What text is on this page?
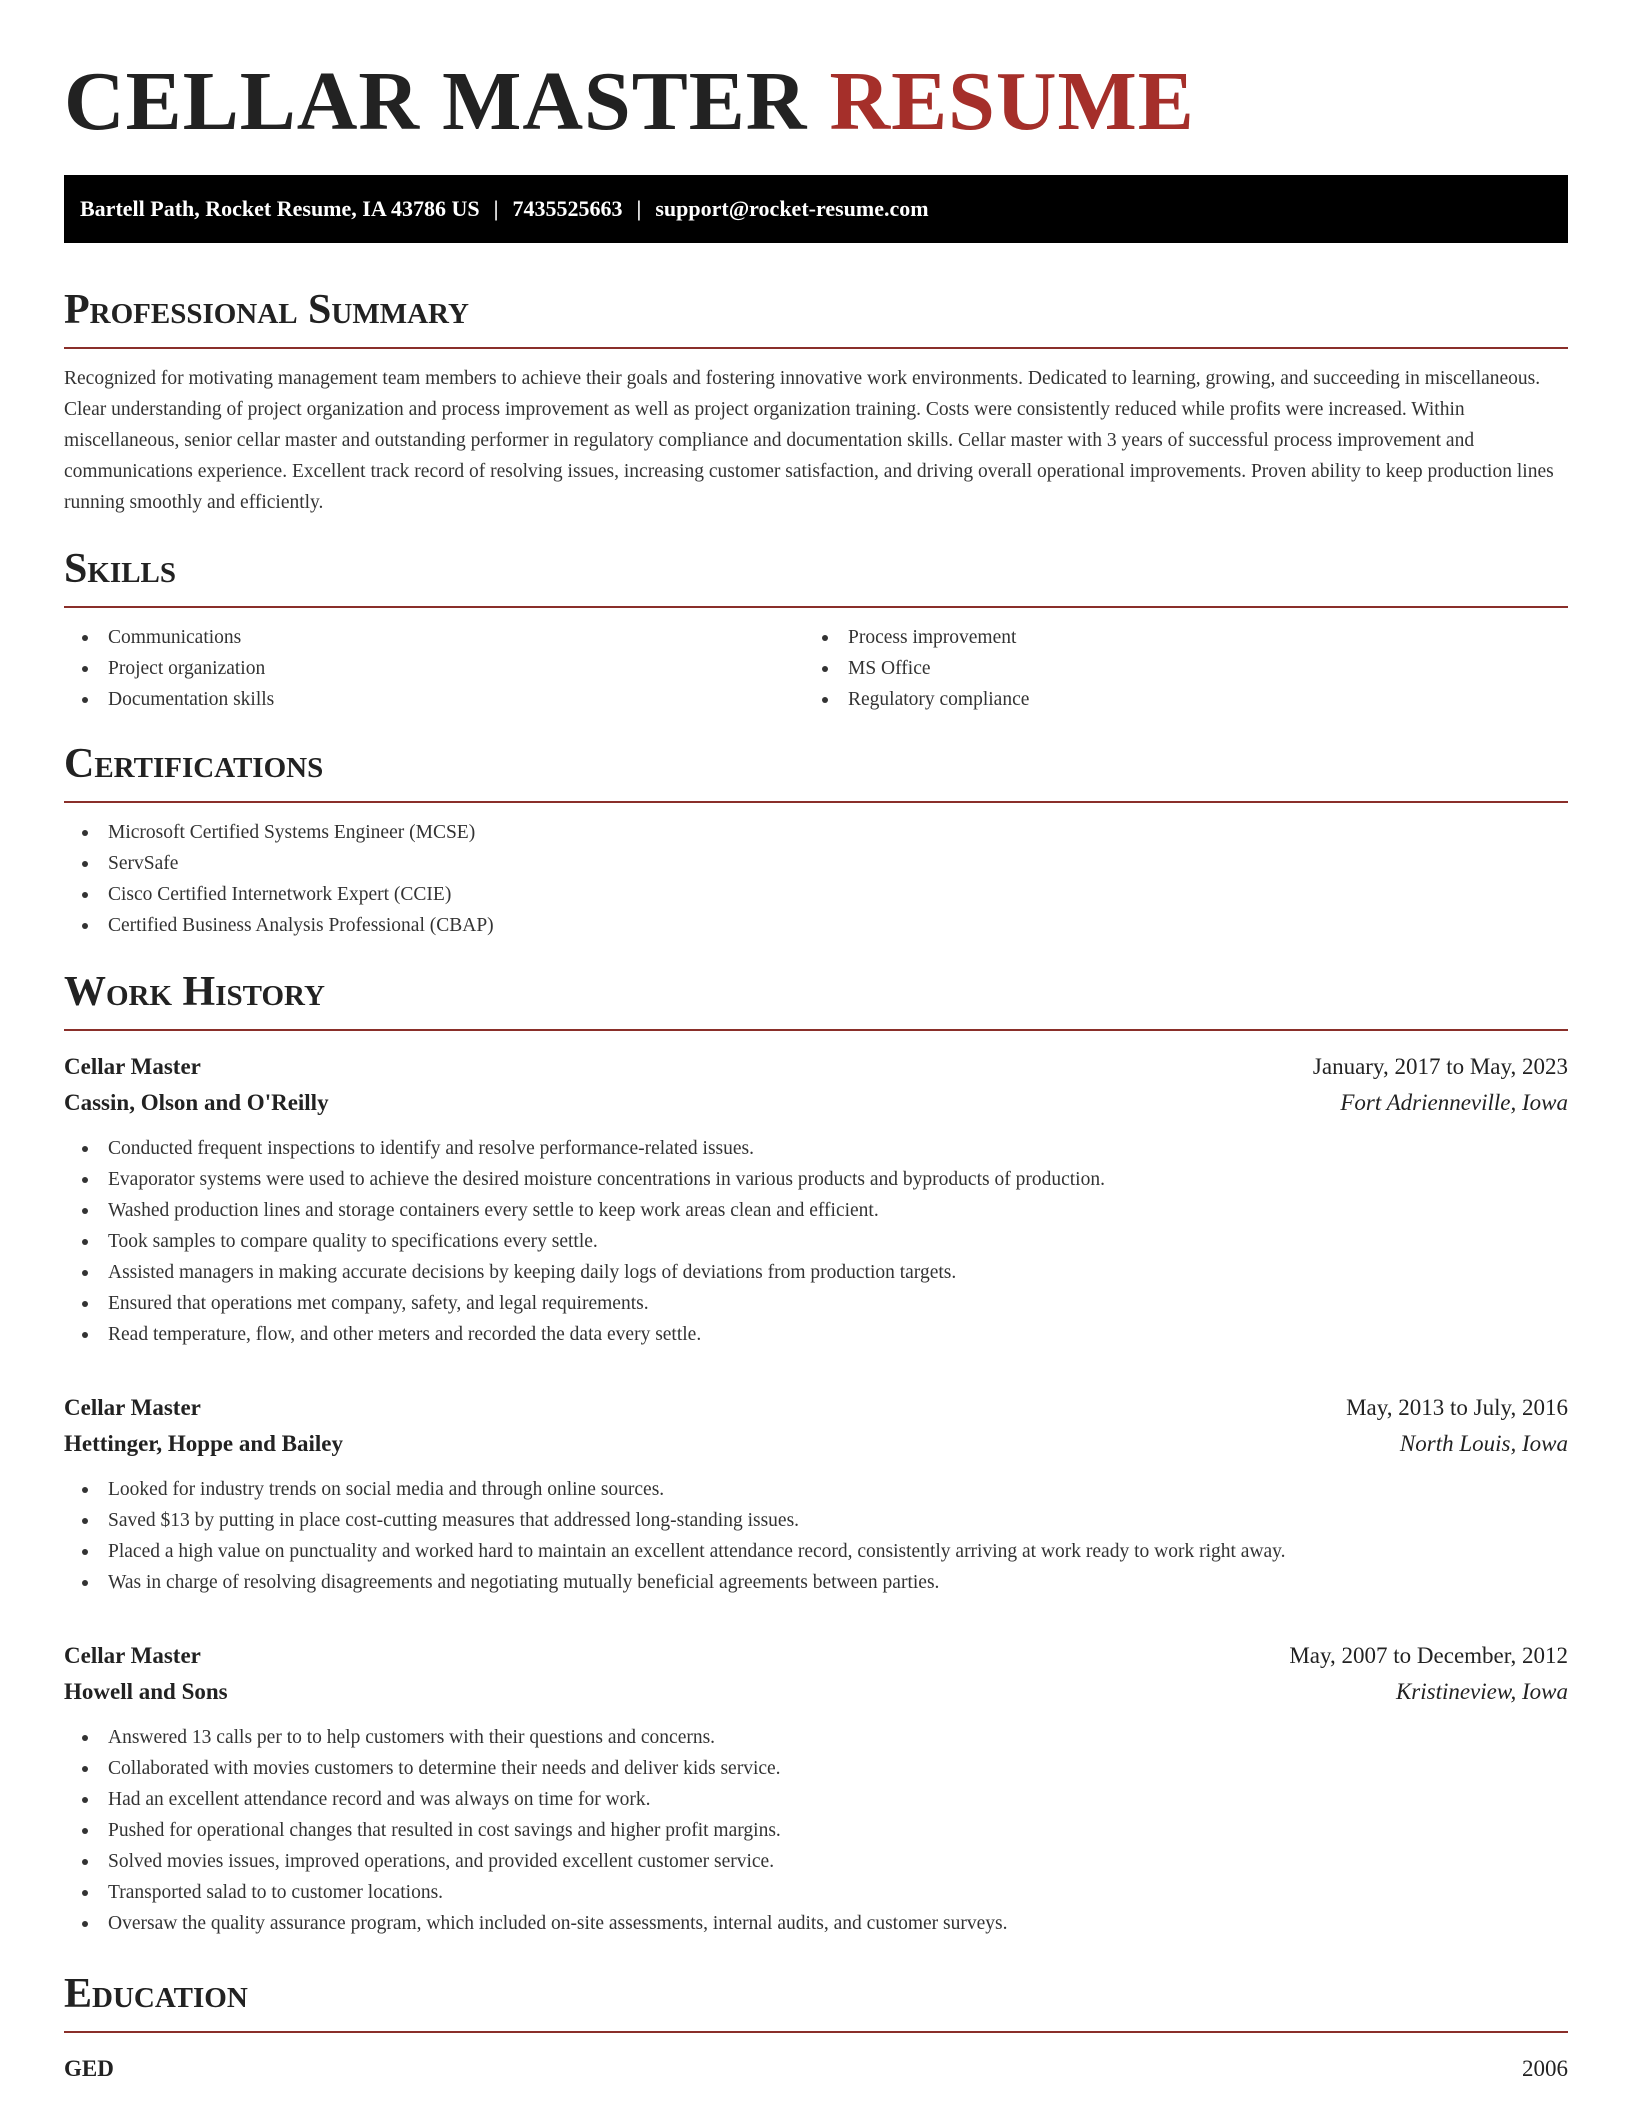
CELLAR MASTER RESUME
Bartell Path, Rocket Resume, IA 43786 US | 7435525663 | support@rocket-resume.com
Professional Summary

Recognized for motivating management team members to achieve their goals and fostering innovative work environments. Dedicated to learning, growing, and succeeding in miscellaneous. Clear understanding of project organization and process improvement as well as project organization training. Costs were consistently reduced while profits were increased. Within miscellaneous, senior cellar master and outstanding performer in regulatory compliance and documentation skills. Cellar master with 3 years of successful process improvement and communications experience. Excellent track record of resolving issues, increasing customer satisfaction, and driving overall operational improvements. Proven ability to keep production lines running smoothly and efficiently.

Skills
Communications
Project organization
Documentation skills
Process improvement
MS Office
Regulatory compliance
Certifications
Microsoft Certified Systems Engineer (MCSE)
ServSafe
Cisco Certified Internetwork Expert (CCIE)
Certified Business Analysis Professional (CBAP)
Work History
Cellar Master	January, 2017 to May, 2023
Cassin, Olson and O'Reilly	Fort Adrienneville, Iowa
Conducted frequent inspections to identify and resolve performance-related issues.
Evaporator systems were used to achieve the desired moisture concentrations in various products and byproducts of production.
Washed production lines and storage containers every settle to keep work areas clean and efficient.
Took samples to compare quality to specifications every settle.
Assisted managers in making accurate decisions by keeping daily logs of deviations from production targets.
Ensured that operations met company, safety, and legal requirements.
Read temperature, flow, and other meters and recorded the data every settle.
Cellar Master	May, 2013 to July, 2016
Hettinger, Hoppe and Bailey	North Louis, Iowa
Looked for industry trends on social media and through online sources.
Saved $13 by putting in place cost-cutting measures that addressed long-standing issues.
Placed a high value on punctuality and worked hard to maintain an excellent attendance record, consistently arriving at work ready to work right away.
Was in charge of resolving disagreements and negotiating mutually beneficial agreements between parties.
Cellar Master	May, 2007 to December, 2012
Howell and Sons	Kristineview, Iowa
Answered 13 calls per to to help customers with their questions and concerns.
Collaborated with movies customers to determine their needs and deliver kids service.
Had an excellent attendance record and was always on time for work.
Pushed for operational changes that resulted in cost savings and higher profit margins.
Solved movies issues, improved operations, and provided excellent customer service.
Transported salad to to customer locations.
Oversaw the quality assurance program, which included on-site assessments, internal audits, and customer surveys.
Education
GED	2006
